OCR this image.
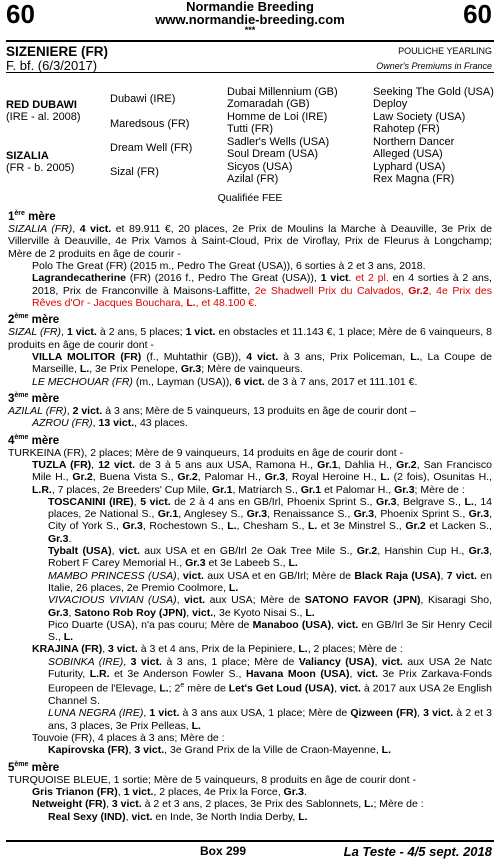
60	60
Normandie Breeding
www.normandie-breeding.com
***
SIZENIERE (FR)
F. bf. (6/3/2017)
POULICHE YEARLING
Owner's Premiums in France
RED DUBAWI
(IRE - al. 2008)
SIZALIA
(FR - b. 2005)
Dubawi (IRE)
Maredsous (FR)
Dream Well (FR)
Sizal (FR)
Dubai Millennium (GB)
Zomaradah (GB)
Homme de Loi (IRE)
Tutti (FR)
Sadler's Wells (USA)
Soul Dream (USA)
Sicyos (USA)
Azilal (FR)
Seeking The Gold (USA)
Deploy
Law Society (USA)
Rahotep (FR)
Northern Dancer
Alleged (USA)
Lyphard (USA)
Rex Magna (FR)
Qualifiée FEE

1ère mère

SIZALIA (FR), 4 vict. et 89.911 €, 20 places, 2e Prix de Moulins la Marche à Deauville, 3e Prix de Villerville à Deauville, 4e Prix Vamos à Saint-Cloud, Prix de Viroflay, Prix de Fleurus à Longchamp; Mère de 2 produits en âge de courir -

Polo The Great (FR) (2015 m., Pedro The Great (USA)), 6 sorties à 2 et 3 ans, 2018.

Lagrandecatherine (FR) (2016 f., Pedro The Great (USA)), 1 vict. et 2 pl. en 4 sorties à 2 ans, 2018, Prix de Franconville à Maisons-Laffitte, 2e Shadwell Prix du Calvados, Gr.2, 4e Prix des Rêves d'Or - Jacques Bouchara, L., et 48.100 €.

2ème mère

SIZAL (FR), 1 vict. à 2 ans, 5 places; 1 vict. en obstacles et 11.143 €, 1 place; Mère de 6 vainqueurs, 8 produits en âge de courir dont -

VILLA MOLITOR (FR) (f., Muhtathir (GB)), 4 vict. à 3 ans, Prix Policeman, L., La Coupe de Marseille, L., 3e Prix Penelope, Gr.3; Mère de vainqueurs.

LE MECHOUAR (FR) (m., Layman (USA)), 6 vict. de 3 à 7 ans, 2017 et 111.101 €.

3ème mère

AZILAL (FR), 2 vict. à 3 ans; Mère de 5 vainqueurs, 13 produits en âge de courir dont –

AZROU (FR), 13 vict., 43 places.

4ème mère

TURKEINA (FR), 2 places; Mère de 9 vainqueurs, 14 produits en âge de courir dont -

TUZLA (FR), 12 vict. de 3 à 5 ans aux USA, Ramona H., Gr.1, Dahlia H., Gr.2, San Francisco Mile H., Gr.2, Buena Vista S., Gr.2, Palomar H., Gr.3, Royal Heroine H., L. (2 fois), Osunitas H., L.R., 7 places, 2e Breeders' Cup Mile, Gr.1, Matriarch S., Gr.1 et Palomar H., Gr.3; Mère de :

TOSCANINI (IRE), 5 vict. de 2 à 4 ans en GB/Irl, Phoenix Sprint S., Gr.3, Belgrave S., L., 14 places, 2e National S., Gr.1, Anglesey S., Gr.3, Renaissance S., Gr.3, Phoenix Sprint S., Gr.3, City of York S., Gr.3, Rochestown S., L., Chesham S., L. et 3e Minstrel S., Gr.2 et Lacken S., Gr.3.

Tybalt (USA), vict. aux USA et en GB/Irl 2e Oak Tree Mile S., Gr.2, Hanshin Cup H., Gr.3, Robert F Carey Memorial H., Gr.3 et 3e Labeeb S., L.

MAMBO PRINCESS (USA), vict. aux USA et en GB/Irl; Mère de Black Raja (USA), 7 vict. en Italie, 26 places, 2e Premio Coolmore, L.

VIVACIOUS VIVIAN (USA), vict. aux USA; Mère de SATONO FAVOR (JPN), Kisaragi Sho, Gr.3, Satono Rob Roy (JPN), vict., 3e Kyoto Nisai S., L.

Pico Duarte (USA), n'a pas couru; Mère de Manaboo (USA), vict. en GB/Irl 3e Sir Henry Cecil S., L.

KRAJINA (FR), 3 vict. à 3 et 4 ans, Prix de la Pepiniere, L., 2 places; Mère de :

SOBINKA (IRE), 3 vict. à 3 ans, 1 place; Mère de Valiancy (USA), vict. aux USA 2e Natc Futurity, L.R. et 3e Anderson Fowler S., Havana Moon (USA), vict. 3e Prix Zarkava-Fonds Europeen de l'Elevage, L.; 2e mère de Let's Get Loud (USA), vict. à 2017 aux USA 2e English Channel S.

LUNA NEGRA (IRE), 1 vict. à 3 ans aux USA, 1 place; Mère de Qizween (FR), 3 vict. à 2 et 3 ans, 3 places, 3e Prix Pelleas, L.

Touvoie (FR), 4 places à 3 ans; Mère de :

Kapirovska (FR), 3 vict., 3e Grand Prix de la Ville de Craon-Mayenne, L.

5ème mère

TURQUOISE BLEUE, 1 sortie; Mère de 5 vainqueurs, 8 produits en âge de courir dont -

Gris Trianon (FR), 1 vict., 2 places, 4e Prix la Force, Gr.3.

Netweight (FR), 3 vict. à 2 et 3 ans, 2 places, 3e Prix des Sablonnets, L.; Mère de :

Real Sexy (IND), vict. en Inde, 3e North India Derby, L.

Box 299	La Teste - 4/5 sept. 2018
